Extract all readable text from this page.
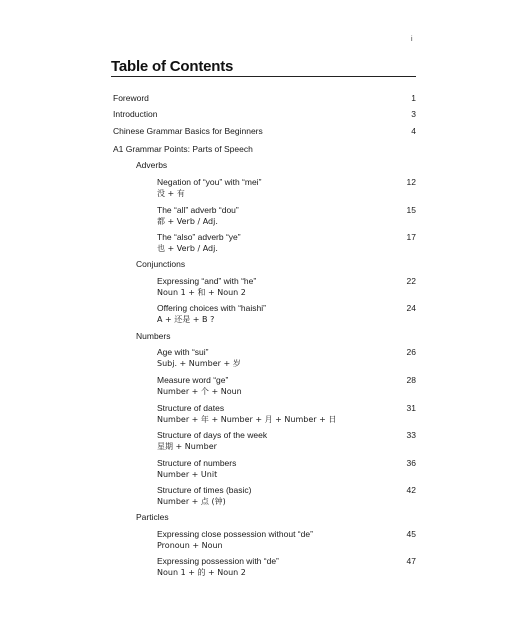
i
Table of Contents
Foreword	1
Introduction	3
Chinese Grammar Basics for Beginners	4
A1 Grammar Points: Parts of Speech
Adverbs
Negation of “you” with “mei”	12
没 + 有
The “all” adverb “dou”	15
都 + Verb / Adj.
The “also” adverb “ye”	17
也 + Verb / Adj.
Conjunctions
Expressing “and” with “he”	22
Noun 1 + 和 + Noun 2
Offering choices with “haishi”	24
A + 还是 + B ?
Numbers
Age with “sui”	26
Subj. + Number + 岁
Measure word “ge”	28
Number + 个 + Noun
Structure of dates	31
Number + 年 + Number + 月 + Number + 日
Structure of days of the week	33
星期 + Number
Structure of numbers	36
Number + Unit
Structure of times (basic)	42
Number + 点 (钟)
Particles
Expressing close possession without “de”	45
Pronoun + Noun
Expressing possession with “de”	47
Noun 1 + 的 + Noun 2
